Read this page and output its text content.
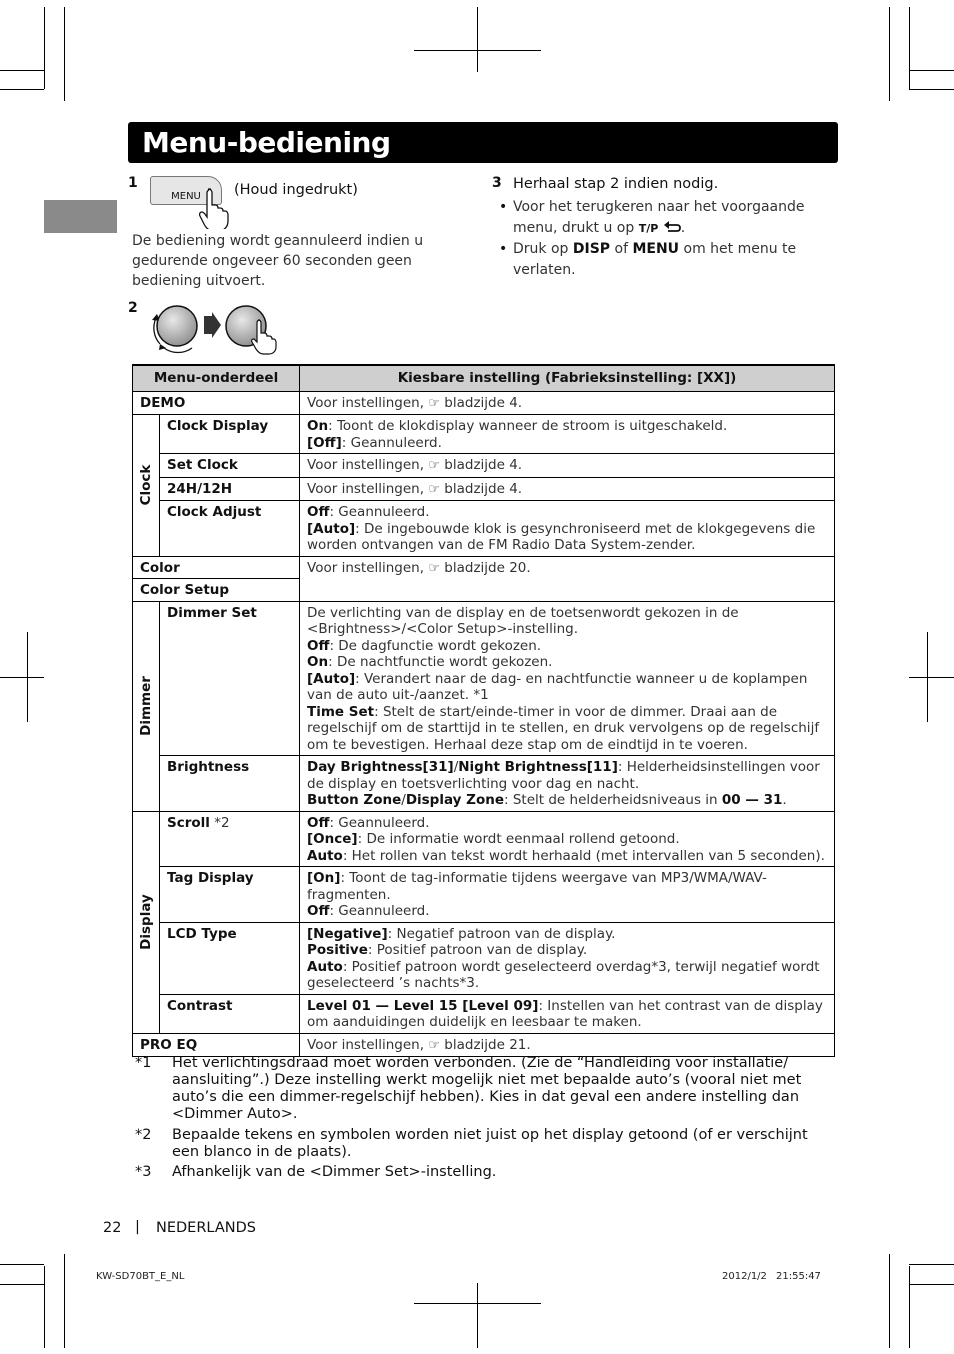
Menu-bediening
1
MENU	(Houd ingedrukt)
De bediening wordt geannuleerd indien u gedurende ongeveer 60 seconden geen bediening uitvoert.
2
3 Herhaal stap 2 indien nodig.
• Voor het terugkeren naar het voorgaande menu, drukt u op T/P .
• Druk op DISP of MENU om het menu te verlaten.
Menu-onderdeel		Kiesbare instelling (Fabrieksinstelling: [XX])
DEMO		Voor instellingen, ☞ bladzijde 4.

Clock	Clock Display	On: Toont de klokdisplay wanneer de stroom is uitgeschakeld.
[Off]: Geannuleerd.
	Set Clock	Voor instellingen, ☞ bladzijde 4.
	24H/12H	Voor instellingen, ☞ bladzijde 4.
	Clock Adjust	Off: Geannuleerd.
[Auto]: De ingebouwde klok is gesynchroniseerd met de klokgegevens die worden ontvangen van de FM Radio Data System-zender.
Color		Voor instellingen, ☞ bladzijde 20.
Color Setup		

Dimmer	Dimmer Set	De verlichting van de display en de toetsenwordt gekozen in de <Brightness>/<Color Setup>-instelling.
Off: De dagfunctie wordt gekozen.
On: De nachtfunctie wordt gekozen.
[Auto]: Verandert naar de dag- en nachtfunctie wanneer u de koplampen van de auto uit-/aanzet. *1
Time Set: Stelt de start/einde-timer in voor de dimmer. Draai aan de regelschijf om de starttijd in te stellen, en druk vervolgens op de regelschijf om te bevestigen. Herhaal deze stap om de eindtijd in te voeren.
	Brightness	Day Brightness[31]/Night Brightness[11]: Helderheidsinstellingen voor de display en toetsverlichting voor dag en nacht.
Button Zone/Display Zone: Stelt de helderheidsniveaus in 00 — 31.

Display	Scroll *2	Off: Geannuleerd.
[Once]: De informatie wordt eenmaal rollend getoond.
Auto: Het rollen van tekst wordt herhaald (met intervallen van 5 seconden).
	Tag Display	[On]: Toont de tag-informatie tijdens weergave van MP3/WMA/WAV-fragmenten.
Off: Geannuleerd.
	LCD Type	[Negative]: Negatief patroon van de display.
Positive: Positief patroon van de display.
Auto: Positief patroon wordt geselecteerd overdag*3, terwijl negatief wordt geselecteerd ’s nachts*3.
	Contrast	Level 01 — Level 15 [Level 09]: Instellen van het contrast van de display om aanduidingen duidelijk en leesbaar te maken.
PRO EQ		Voor instellingen, ☞ bladzijde 21.
*1	Het verlichtingsdraad moet worden verbonden. (Zie de “Handleiding voor installatie/ aansluiting”.) Deze instelling werkt mogelijk niet met bepaalde auto’s (vooral niet met auto’s die een dimmer-regelschijf hebben). Kies in dat geval een andere instelling dan <Dimmer Auto>.
*2	Bepaalde tekens en symbolen worden niet juist op het display getoond (of er verschijnt een blanco in de plaats).
*3	Afhankelijk van de <Dimmer Set>-instelling.
22 | NEDERLANDS
KW-SD70BT_E_NL	2012/1/2 21:55:47
